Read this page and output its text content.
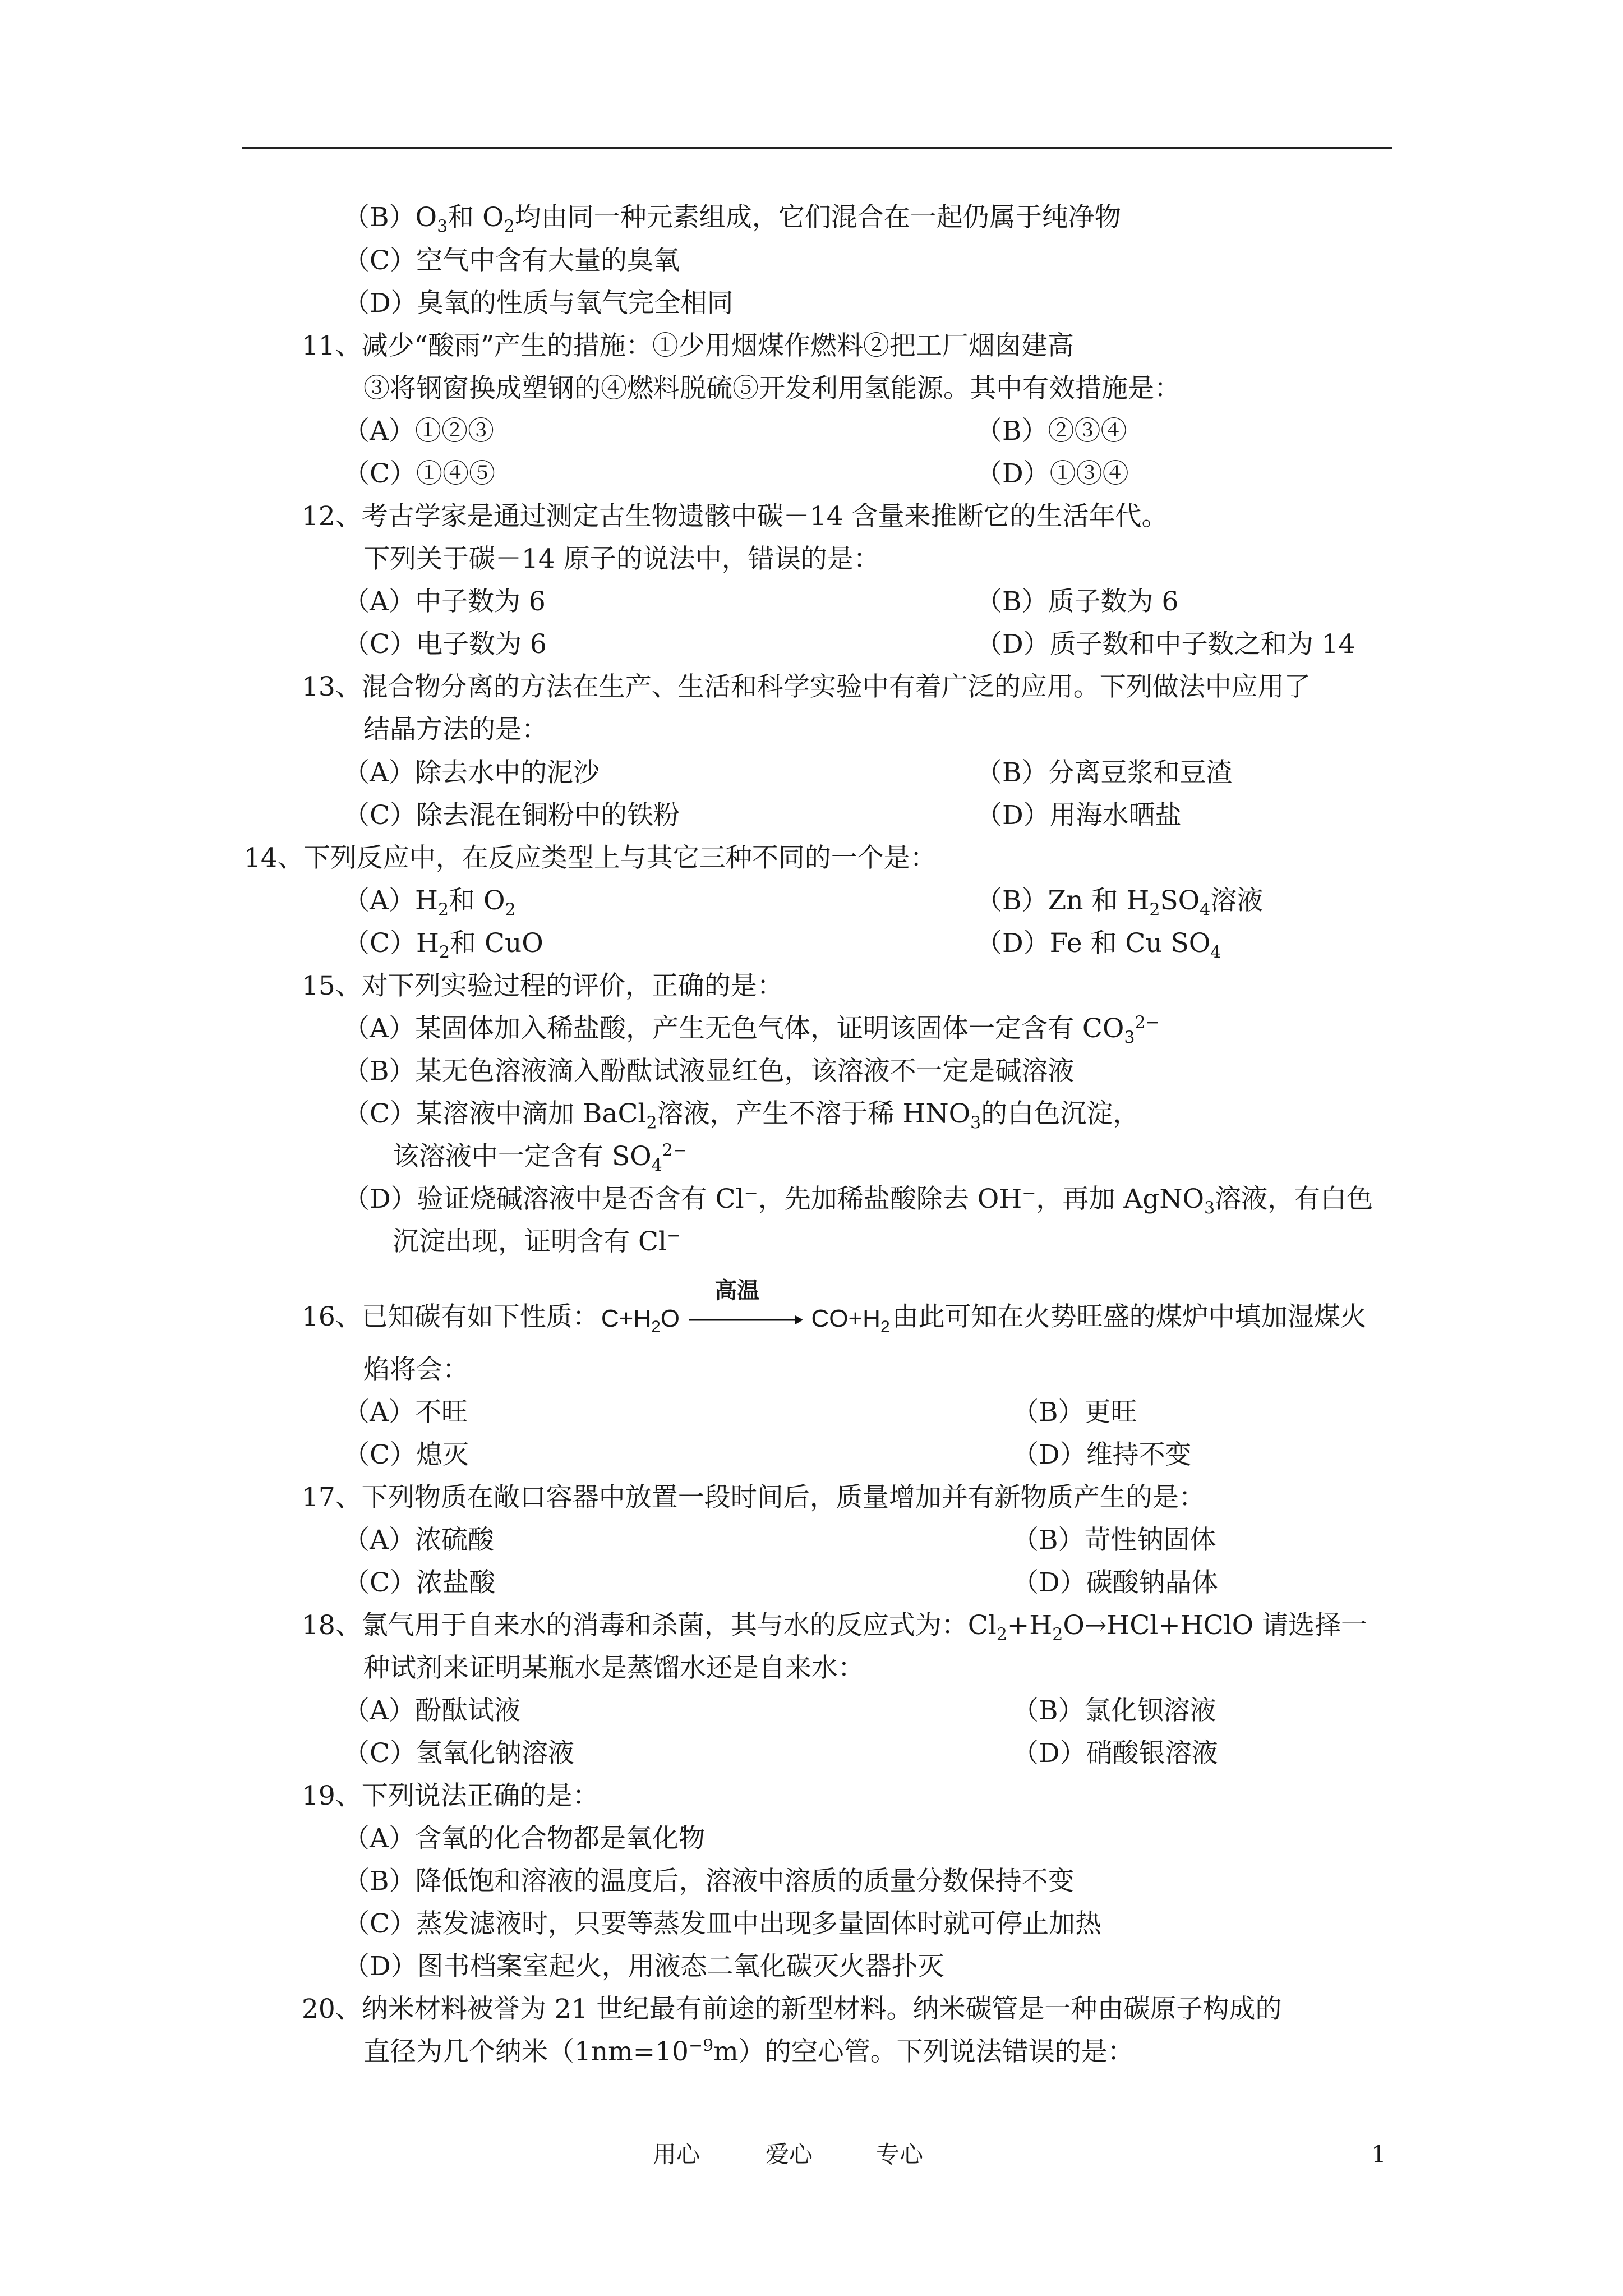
$(B)O_3$和 $O_2$均由同一种元素组成，它们混合在一起仍属于纯净物
（C）空气中含有大量的臭氧
（D）臭氧的性质与氧气完全相同
11、减少“酸雨”产生的措施：①少用烟煤作燃料②把工厂烟囱建高
③将钢窗换成塑钢的④燃料脱硫⑤开发利用氢能源。其中有效措施是：
（A）①②③	（B）②③④
（C）①④⑤	（D）①③④
12、考古学家是通过测定古生物遗骸中碳－14 含量来推断它的生活年代。
下列关于碳－14 原子的说法中，错误的是：
（A）中子数为 6	（B）质子数为 6
（C）电子数为 6	（D）质子数和中子数之和为 14
13、混合物分离的方法在生产、生活和科学实验中有着广泛的应用。下列做法中应用了
结晶方法的是：
（A）除去水中的泥沙	（B）分离豆浆和豆渣
（C）除去混在铜粉中的铁粉	（D）用海水晒盐
14、下列反应中，在反应类型上与其它三种不同的一个是：
$(A)H_2$和 $O_2$	（B）Zn 和 $H_2SO_4$溶液
$(C)H_2$和 CuO	（D）Fe 和 Cu $SO_4$
15、对下列实验过程的评价，正确的是：
（A）某固体加入稀盐酸，产生无色气体，证明该固体一定含有 $CO_3^{2-}$
（B）某无色溶液滴入酚酞试液显红色，该溶液不一定是碱溶液
（C）某溶液中滴加 BaCl$_2$溶液，产生不溶于稀 $HNO_3$的白色沉淀，
该溶液中一定含有 $SO_4^{2-}$
（D）验证烧碱溶液中是否含有 Cl−，先加稀盐酸除去 OH−，再加 AgNO$_3$溶液，有白色
沉淀出现，证明含有 Cl−
16、已知碳有如下性质：$C+H_2O$
高温
$CO+H_2$由此可知在火势旺盛的煤炉中填加湿煤火
焰将会：
（A）不旺	（B）更旺
（C）熄灭	（D）维持不变
17、下列物质在敞口容器中放置一段时间后，质量增加并有新物质产生的是：
（A）浓硫酸	（B）苛性钠固体
（C）浓盐酸	（D）碳酸钠晶体
18、氯气用于自来水的消毒和杀菌，其与水的反应式为：$Cl_2+H_2O\to HCl+HClO$ 请选择一
种试剂来证明某瓶水是蒸馏水还是自来水：
（A）酚酞试液	（B）氯化钡溶液
（C）氢氧化钠溶液	（D）硝酸银溶液
19、下列说法正确的是：
（A）含氧的化合物都是氧化物
（B）降低饱和溶液的温度后，溶液中溶质的质量分数保持不变
（C）蒸发滤液时，只要等蒸发皿中出现多量固体时就可停止加热
（D）图书档案室起火，用液态二氧化碳灭火器扑灭
20、纳米材料被誉为 21 世纪最有前途的新型材料。纳米碳管是一种由碳原子构成的
直径为几个纳米$(1nm=10^{-9}m)$的空心管。下列说法错误的是：
用心	爱心	专心	1
